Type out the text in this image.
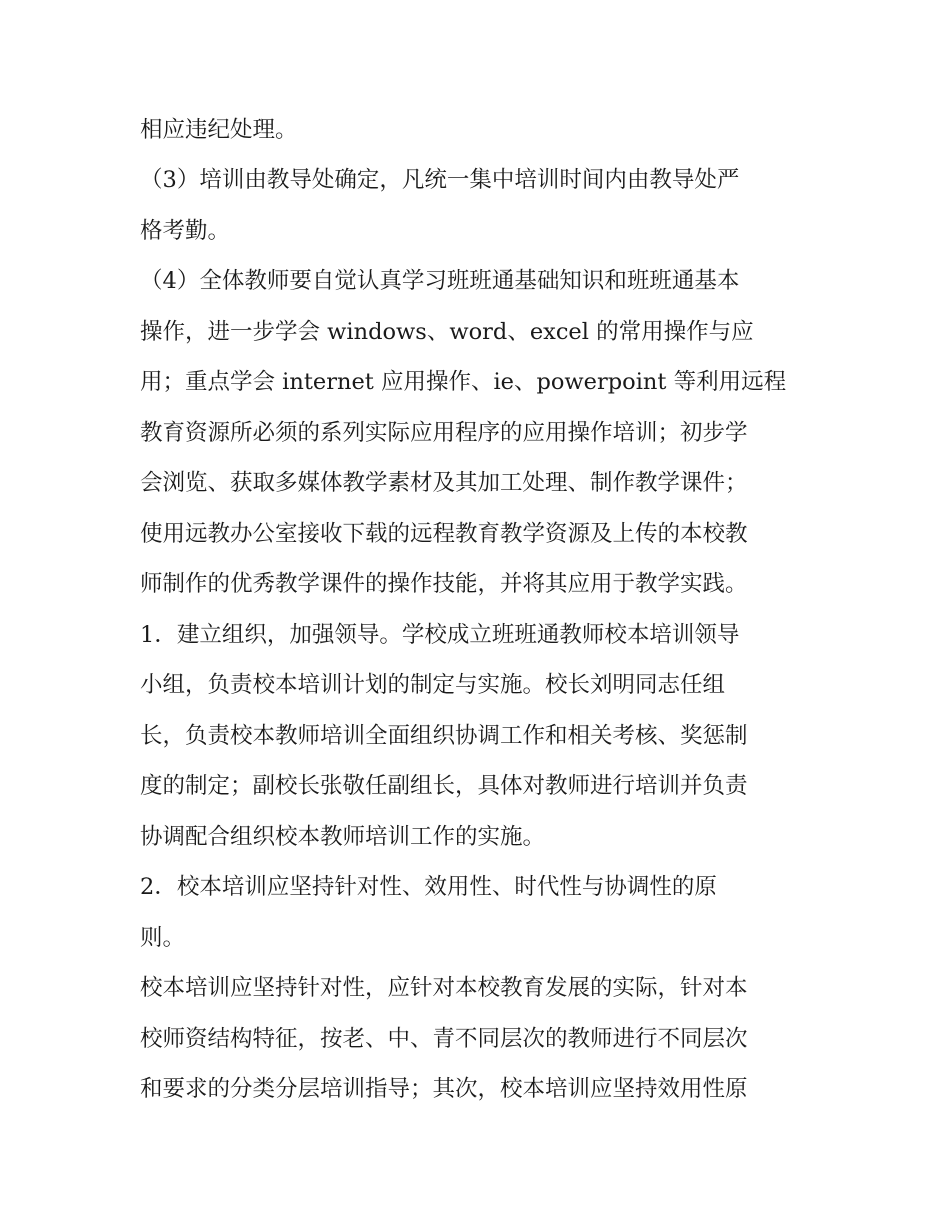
相应违纪处理。
（3）培训由教导处确定，凡统一集中培训时间内由教导处严
格考勤。
（4）全体教师要自觉认真学习班班通基础知识和班班通基本
操作，进一步学会 windows、word、excel 的常用操作与应
用；重点学会 internet 应用操作、ie、powerpoint 等利用远程
教育资源所必须的系列实际应用程序的应用操作培训；初步学
会浏览、获取多媒体教学素材及其加工处理、制作教学课件；
使用远教办公室接收下载的远程教育教学资源及上传的本校教
师制作的优秀教学课件的操作技能，并将其应用于教学实践。
1．建立组织，加强领导。学校成立班班通教师校本培训领导
小组，负责校本培训计划的制定与实施。校长刘明同志任组
长，负责校本教师培训全面组织协调工作和相关考核、奖惩制
度的制定；副校长张敬任副组长，具体对教师进行培训并负责
协调配合组织校本教师培训工作的实施。
2．校本培训应坚持针对性、效用性、时代性与协调性的原
则。
校本培训应坚持针对性，应针对本校教育发展的实际，针对本
校师资结构特征，按老、中、青不同层次的教师进行不同层次
和要求的分类分层培训指导；其次，校本培训应坚持效用性原
